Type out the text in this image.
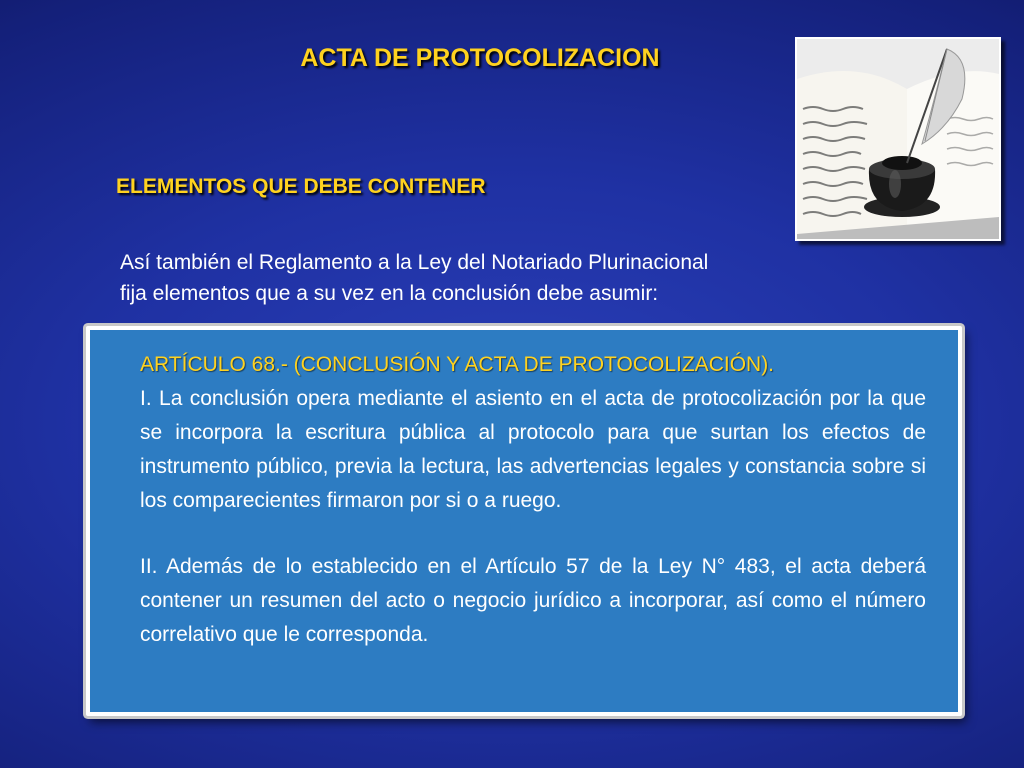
ACTA DE PROTOCOLIZACION
ELEMENTOS QUE DEBE CONTENER
Así también el Reglamento a la Ley del Notariado Plurinacional
fija elementos que a su vez en la conclusión debe asumir:
ARTÍCULO 68.- (CONCLUSIÓN Y ACTA DE PROTOCOLIZACIÓN).
I. La conclusión opera mediante el asiento en el acta de protocolización por la que se incorpora la escritura pública al protocolo para que surtan los efectos de instrumento público, previa la lectura, las advertencias legales y constancia sobre si los comparecientes firmaron por si o a ruego.
II. Además de lo establecido en el Artículo 57 de la Ley N° 483, el acta deberá contener un resumen del acto o negocio jurídico a incorporar, así como el número correlativo que le corresponda.
